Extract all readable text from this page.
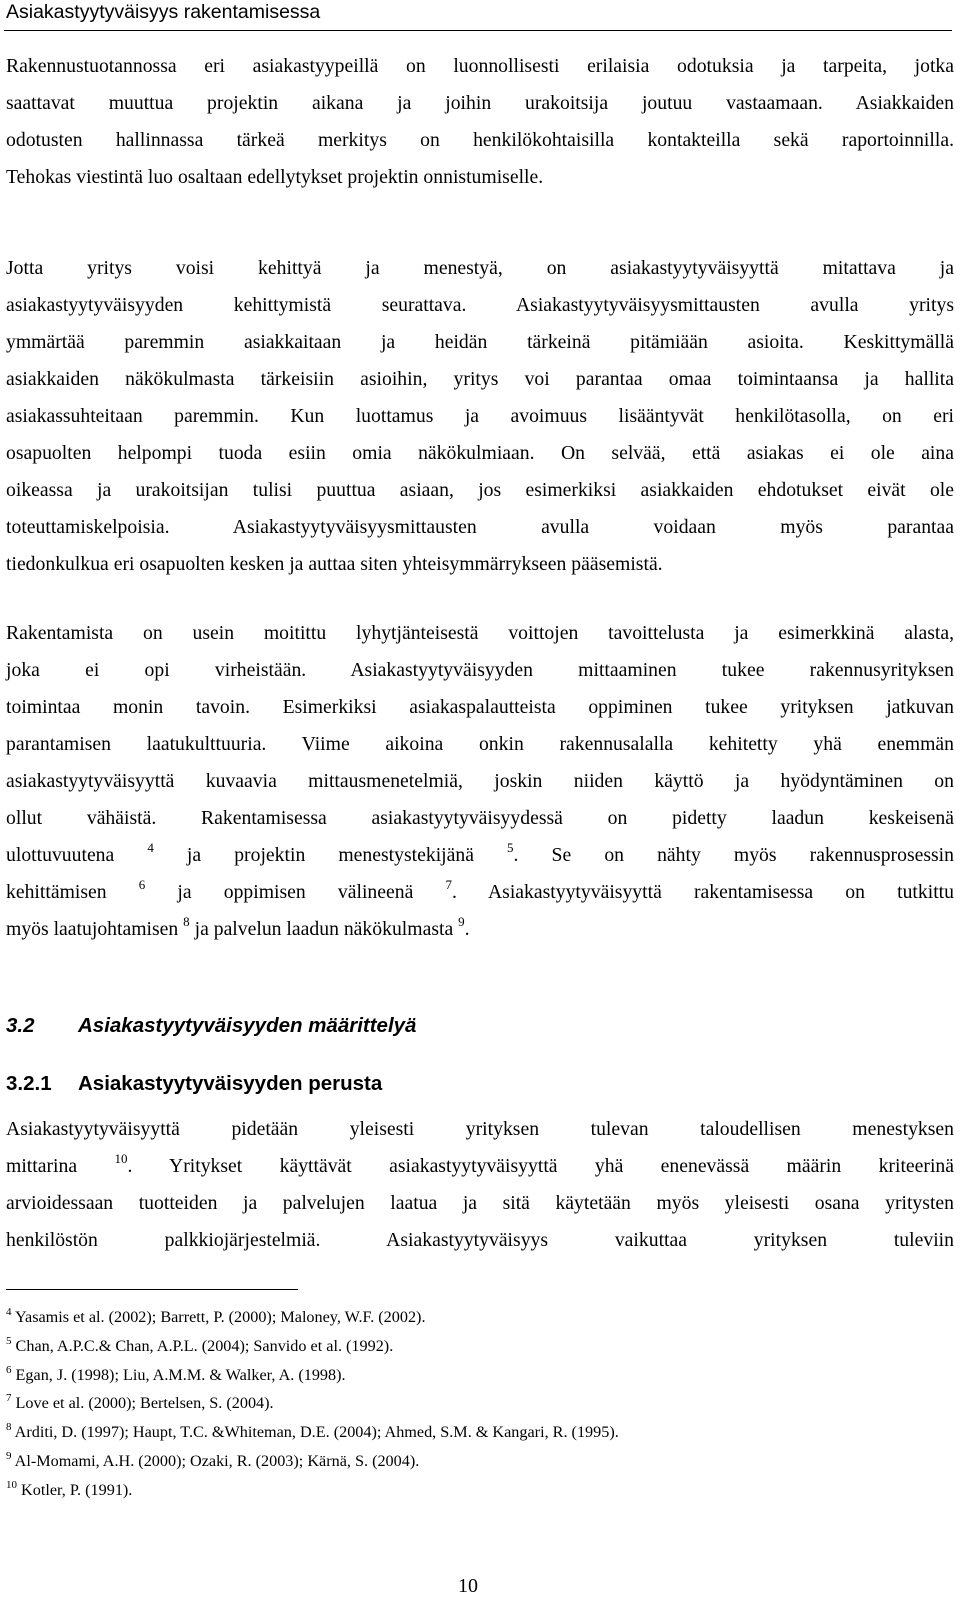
Asiakastyytyväisyys rakentamisessa
Rakennustuotannossa eri asiakastyypeillä on luonnollisesti erilaisia odotuksia ja tarpeita, jotka
saattavat muuttua projektin aikana ja joihin urakoitsija joutuu vastaamaan. Asiakkaiden
odotusten hallinnassa tärkeä merkitys on henkilökohtaisilla kontakteilla sekä raportoinnilla.
Tehokas viestintä luo osaltaan edellytykset projektin onnistumiselle.
Jotta yritys voisi kehittyä ja menestyä, on asiakastyytyväisyyttä mitattava ja
asiakastyytyväisyyden kehittymistä seurattava. Asiakastyytyväisyysmittausten avulla yritys
ymmärtää paremmin asiakkaitaan ja heidän tärkeinä pitämiään asioita. Keskittymällä
asiakkaiden näkökulmasta tärkeisiin asioihin, yritys voi parantaa omaa toimintaansa ja hallita
asiakassuhteitaan paremmin. Kun luottamus ja avoimuus lisääntyvät henkilötasolla, on eri
osapuolten helpompi tuoda esiin omia näkökulmiaan. On selvää, että asiakas ei ole aina
oikeassa ja urakoitsijan tulisi puuttua asiaan, jos esimerkiksi asiakkaiden ehdotukset eivät ole
toteuttamiskelpoisia. Asiakastyytyväisyysmittausten avulla voidaan myös parantaa
tiedonkulkua eri osapuolten kesken ja auttaa siten yhteisymmärrykseen pääsemistä.
Rakentamista on usein moitittu lyhytjänteisestä voittojen tavoittelusta ja esimerkkinä alasta,
joka ei opi virheistään. Asiakastyytyväisyyden mittaaminen tukee rakennusyrityksen
toimintaa monin tavoin. Esimerkiksi asiakaspalautteista oppiminen tukee yrityksen jatkuvan
parantamisen laatukulttuuria. Viime aikoina onkin rakennusalalla kehitetty yhä enemmän
asiakastyytyväisyyttä kuvaavia mittausmenetelmiä, joskin niiden käyttö ja hyödyntäminen on
ollut vähäistä. Rakentamisessa asiakastyytyväisyydessä on pidetty laadun keskeisenä
ulottuvuutena $^4$ ja projektin menestystekijänä $^5$. Se on nähty myös rakennusprosessin
kehittämisen $^6$ ja oppimisen välineenä $^7$. Asiakastyytyväisyyttä rakentamisessa on tutkittu
myös laatujohtamisen $^8$ ja palvelun laadun näkökulmasta $^9$.
3.2 Asiakastyytyväisyyden määrittelyä
3.2.1 Asiakastyytyväisyyden perusta
Asiakastyytyväisyyttä pidetään yleisesti yrityksen tulevan taloudellisen menestyksen
mittarina $^{10}$. Yritykset käyttävät asiakastyytyväisyyttä yhä enenevässä määrin kriteerinä
arvioidessaan tuotteiden ja palvelujen laatua ja sitä käytetään myös yleisesti osana yritysten
henkilöstön palkkiojärjestelmiä. Asiakastyytyväisyys vaikuttaa yrityksen tuleviin
$^4$ Yasamis et al. (2002); Barrett, P. (2000); Maloney, W.F. (2002).
$^5$ Chan, A.P.C.& Chan, A.P.L. (2004); Sanvido et al. (1992).
$^6$ Egan, J. (1998); Liu, A.M.M. & Walker, A. (1998).
$^7$ Love et al. (2000); Bertelsen, S. (2004).
$^8$ Arditi, D. (1997); Haupt, T.C. &Whiteman, D.E. (2004); Ahmed, S.M. & Kangari, R. (1995).
$^9$ Al-Momami, A.H. (2000); Ozaki, R. (2003); Kärnä, S. (2004).
$^{10}$ Kotler, P. (1991).
10
